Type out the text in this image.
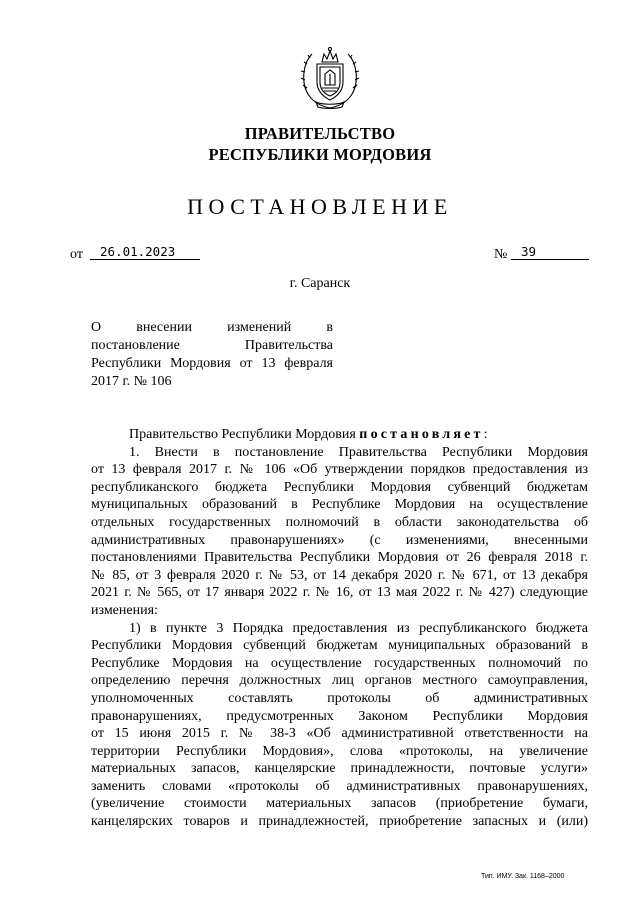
ПРАВИТЕЛЬСТВО
РЕСПУБЛИКИ МОРДОВИЯ
ПОСТАНОВЛЕНИЕ
от	26.01.2023	№	39
г. Саранск
О внесении изменений в
постановление Правительства
Республики Мордовия от 13 февраля
2017 г. № 106
Правительство Республики Мордовия постановляет:
1. Внести в постановление Правительства Республики Мордовия
от 13 февраля 2017 г. № 106 «Об утверждении порядков предоставления из
республиканского бюджета Республики Мордовия субвенций бюджетам
муниципальных образований в Республике Мордовия на осуществление
отдельных государственных полномочий в области законодательства об
административных правонарушениях» (с изменениями, внесенными
постановлениями Правительства Республики Мордовия от 26 февраля 2018 г.
№ 85, от 3 февраля 2020 г. № 53, от 14 декабря 2020 г. № 671, от 13 декабря
2021 г. № 565, от 17 января 2022 г. № 16, от 13 мая 2022 г. № 427) следующие
изменения:
1) в пункте 3 Порядка предоставления из республиканского бюджета
Республики Мордовия субвенций бюджетам муниципальных образований в
Республике Мордовия на осуществление государственных полномочий по
определению перечня должностных лиц органов местного самоуправления,
уполномоченных составлять протоколы об административных
правонарушениях, предусмотренных Законом Республики Мордовия
от 15 июня 2015 г. № 38-З «Об административной ответственности на
территории Республики Мордовия», слова «протоколы, на увеличение
материальных запасов, канцелярские принадлежности, почтовые услуги»
заменить словами «протоколы об административных правонарушениях,
(увеличение стоимости материальных запасов (приобретение бумаги,
канцелярских товаров и принадлежностей, приобретение запасных и (или)
Тип. ИМУ. Зак. 1168–2000
